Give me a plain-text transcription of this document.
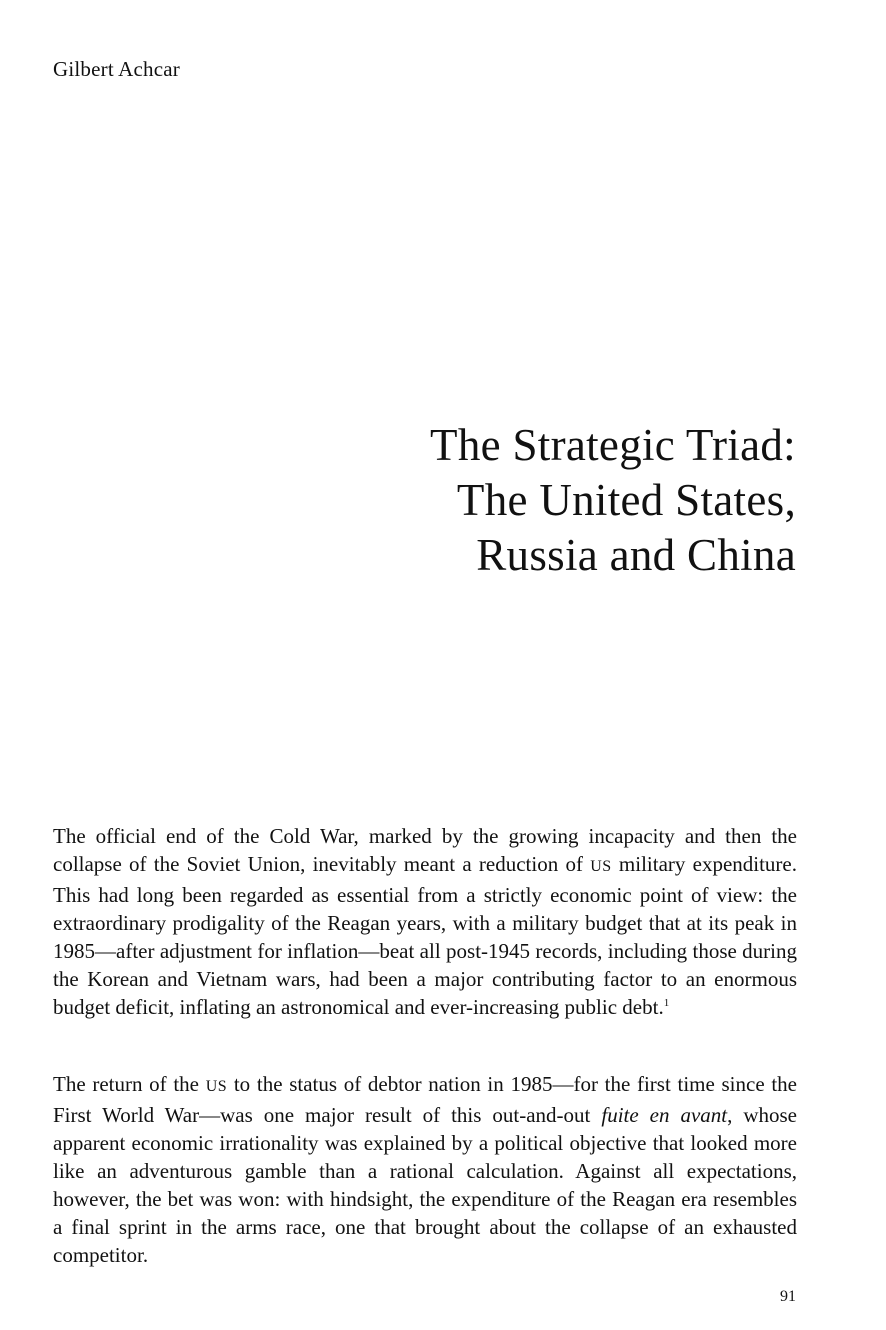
Gilbert Achcar
The Strategic Triad:
The United States,
Russia and China

The official end of the Cold War, marked by the growing incapacity and then the collapse of the Soviet Union, inevitably meant a reduction of US military expenditure. This had long been regarded as essential from a strictly economic point of view: the extraordinary prodigality of the Reagan years, with a military budget that at its peak in 1985—after adjustment for inflation—beat all post-1945 records, including those during the Korean and Vietnam wars, had been a major contributing factor to an enormous budget deficit, inflating an astronomical and ever-increasing public debt.$^1$

The return of the US to the status of debtor nation in 1985—for the first time since the First World War—was one major result of this out-and-out fuite en avant, whose apparent economic irrationality was explained by a political objective that looked more like an adventurous gamble than a rational calculation. Against all expectations, however, the bet was won: with hindsight, the expenditure of the Reagan era resembles a final sprint in the arms race, one that brought about the collapse of an exhausted competitor.

91
